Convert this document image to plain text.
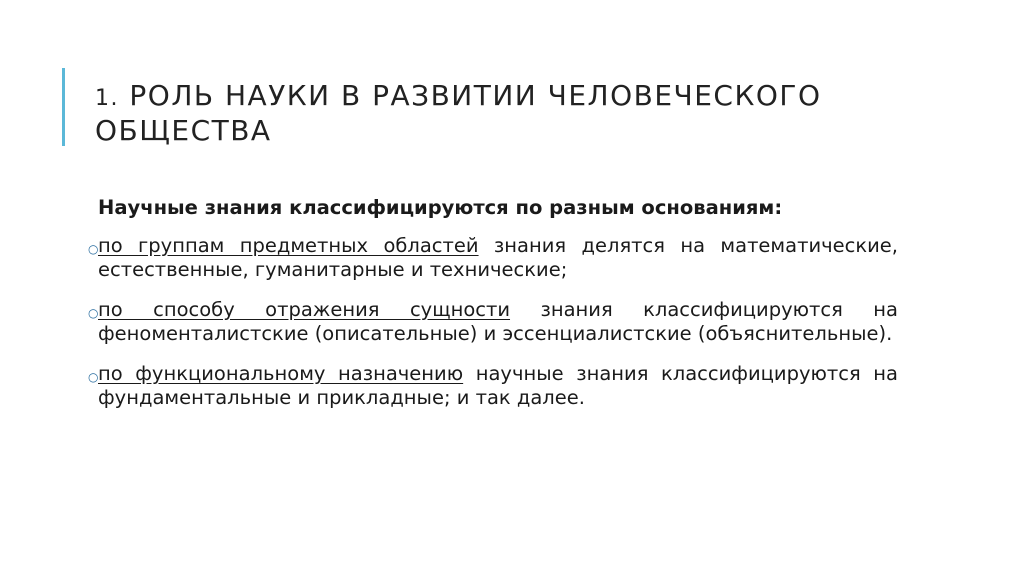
1. РОЛЬ НАУКИ В РАЗВИТИИ ЧЕЛОВЕЧЕСКОГО ОБЩЕСТВА
Научные знания классифицируются по разным основаниям:
○ по группам предметных областей знания делятся на математические, естественные, гуманитарные и технические;
○ по способу отражения сущности знания классифицируются на феноменталистские (описательные) и эссенциалистские (объяснительные).
○ по функциональному назначению научные знания классифицируются на фундаментальные и прикладные; и так далее.
